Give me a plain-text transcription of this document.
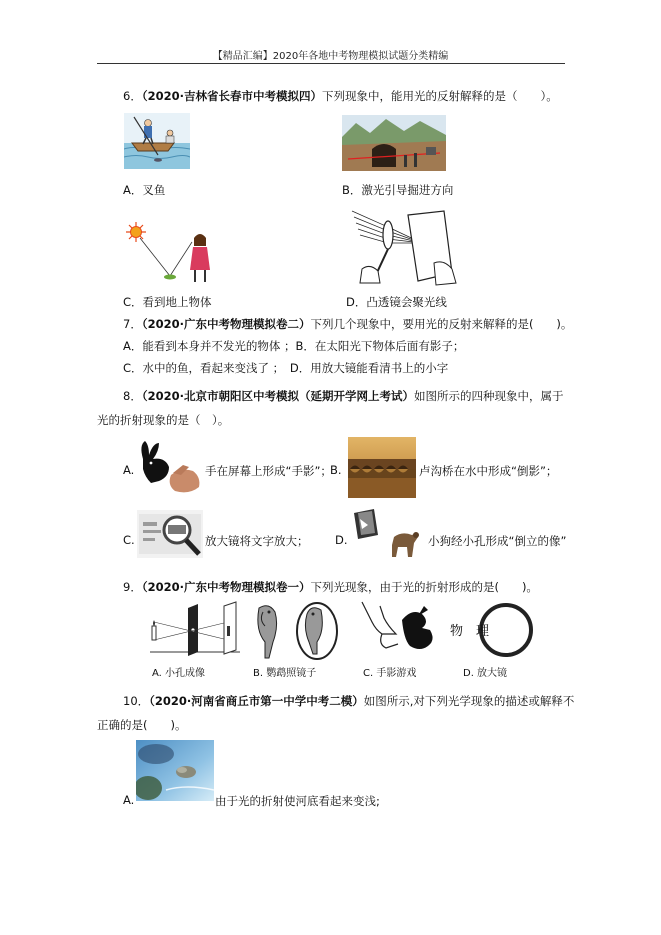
【精品汇编】2020年各地中考物理模拟试题分类精编
6．（2020·吉林省长春市中考模拟四）下列现象中，能用光的反射解释的是（　　）。
A．叉鱼	B．激光引导掘进方向
C．看到地上物体	D．凸透镜会聚光线
7．（2020·广东中考物理模拟卷二）下列几个现象中，要用光的反射来解释的是(　　)。
A．能看到本身并不发光的物体 ；B．在太阳光下物体后面有影子；
C．水中的鱼，看起来变浅了 ；　D．用放大镜能看清书上的小字
8．（2020·北京市朝阳区中考模拟（延期开学网上考试）如图所示的四种现象中，属于
光的折射现象的是（　）。
A.	手在屏幕上形成“手影”；
B.	卢沟桥在水中形成“倒影”；
C.	放大镜将文字放大； D.	小狗经小孔形成“倒立的像”
9．（2020·广东中考物理模拟卷一）下列光现象，由于光的折射形成的是(　　)。
A. 小孔成像	B. 鹦鹉照镜子	C. 手影游戏
物　理
D. 放大镜
10．（2020·河南省商丘市第一中学中考二模）如图所示,对下列光学现象的描述或解释不
正确的是(　　)。
A.	由于光的折射使河底看起来变浅;
